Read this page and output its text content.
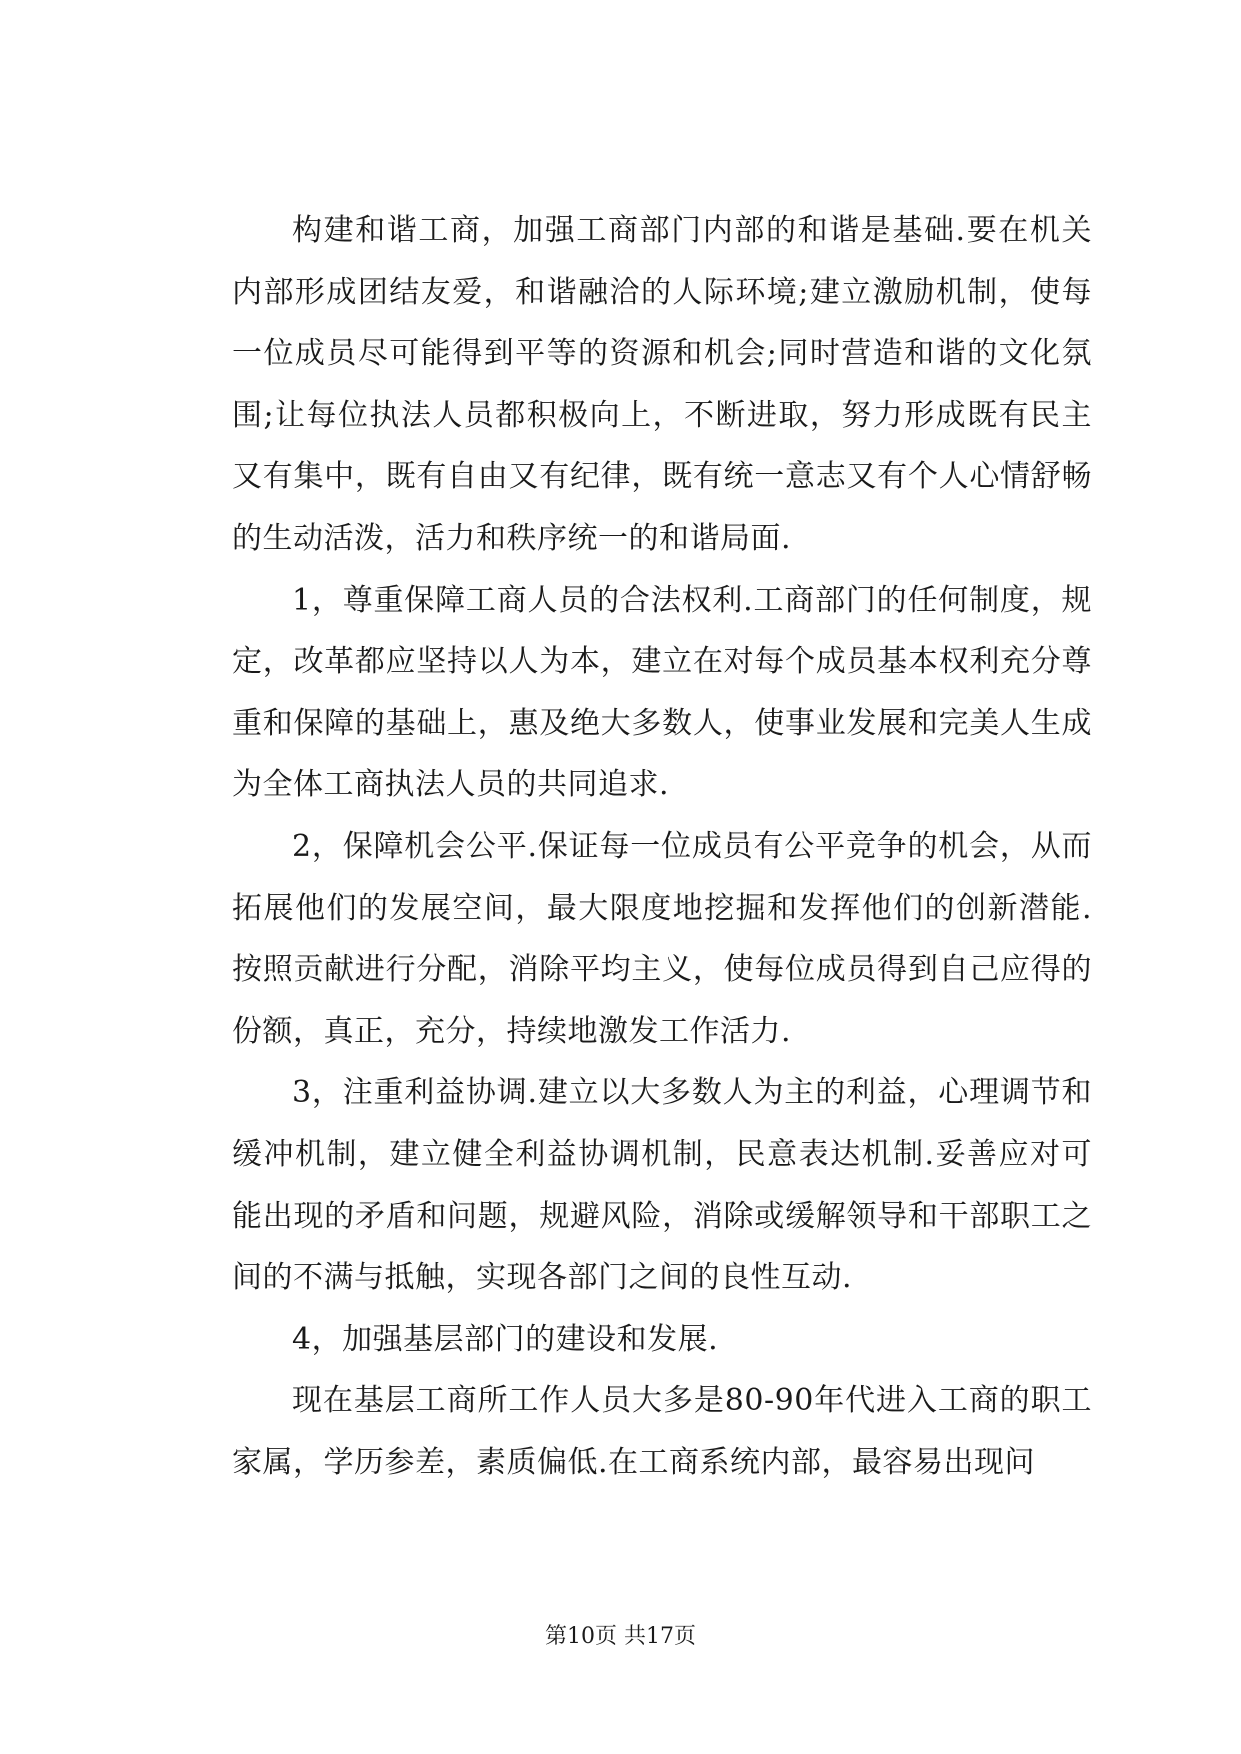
构建和谐工商，加强工商部门内部的和谐是基础.要在机关内部形成团结友爱，和谐融洽的人际环境;建立激励机制，使每一位成员尽可能得到平等的资源和机会;同时营造和谐的文化氛围;让每位执法人员都积极向上，不断进取，努力形成既有民主又有集中，既有自由又有纪律，既有统一意志又有个人心情舒畅的生动活泼，活力和秩序统一的和谐局面.

1，尊重保障工商人员的合法权利.工商部门的任何制度，规定，改革都应坚持以人为本，建立在对每个成员基本权利充分尊重和保障的基础上，惠及绝大多数人，使事业发展和完美人生成为全体工商执法人员的共同追求.

2，保障机会公平.保证每一位成员有公平竞争的机会，从而拓展他们的发展空间，最大限度地挖掘和发挥他们的创新潜能.按照贡献进行分配，消除平均主义，使每位成员得到自己应得的份额，真正，充分，持续地激发工作活力.

3，注重利益协调.建立以大多数人为主的利益，心理调节和缓冲机制，建立健全利益协调机制，民意表达机制.妥善应对可能出现的矛盾和问题，规避风险，消除或缓解领导和干部职工之间的不满与抵触，实现各部门之间的良性互动.

4，加强基层部门的建设和发展.

现在基层工商所工作人员大多是80-90年代进入工商的职工家属，学历参差，素质偏低.在工商系统内部，最容易出现问

第10页 共17页
